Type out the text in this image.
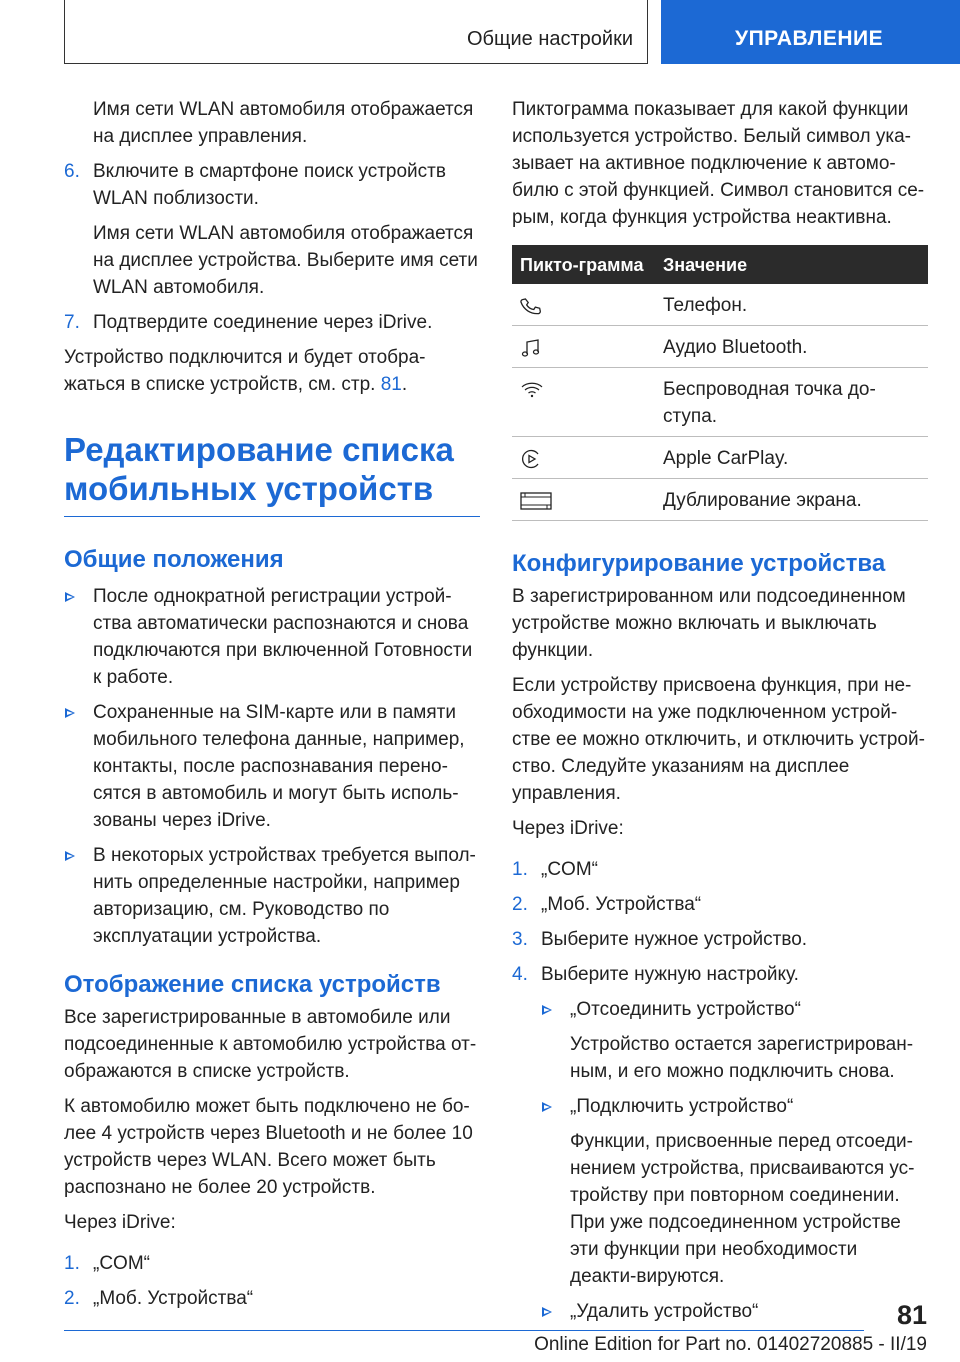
Общие настройки	УПРАВЛЕНИЕ

Имя сети WLAN автомобиля отображается на дисплее управления.

6. Включите в смартфоне поиск устройств WLAN поблизости.

Имя сети WLAN автомобиля отображается на дисплее устройства. Выберите имя сети WLAN автомобиля.

7. Подтвердите соединение через iDrive.

Устройство подключится и будет отобра-жаться в списке устройств, см. стр. 81.

Редактирование списка мобильных устройств
Общие положения
После однократной регистрации устрой-ства автоматически распознаются и снова подключаются при включенной Готовности к работе.
Сохраненные на SIM-карте или в памяти мобильного телефона данные, например, контакты, после распознавания перено-сятся в автомобиль и могут быть исполь-зованы через iDrive.
В некоторых устройствах требуется выпол-нить определенные настройки, например авторизацию, см. Руководство по эксплуатации устройства.
Отображение списка устройств

Все зарегистрированные в автомобиле или подсоединенные к автомобилю устройства от-ображаются в списке устройств.

К автомобилю может быть подключено не бо-лее 4 устройств через Bluetooth и не более 10 устройств через WLAN. Всего может быть распознано не более 20 устройств.

Через iDrive:

1. „COM“
2. „Моб. Устройства“

Пиктограмма показывает для какой функции используется устройство. Белый символ ука-зывает на активное подключение к автомо-билю с этой функцией. Символ становится се-рым, когда функция устройства неактивна.

Пикто-грамма	Значение

	Телефон.

	Аудио Bluetooth.

	Беспроводная точка до-ступа.

	Apple CarPlay.

	Дублирование экрана.
Конфигурирование устройства

В зарегистрированном или подсоединенном устройстве можно включать и выключать функции.

Если устройству присвоена функция, при не-обходимости на уже подключенном устрой-стве ее можно отключить, и отключить устрой-ство. Следуйте указаниям на дисплее управления.

Через iDrive:

1. „COM“
2. „Моб. Устройства“
3. Выберите нужное устройство.
4. Выберите нужную настройку.
„Отсоединить устройство“

Устройство остается зарегистрирован-ным, и его можно подключить снова.

„Подключить устройство“

Функции, присвоенные перед отсоеди-нением устройства, присваиваются ус-тройству при повторном соединении. При уже подсоединенном устройстве эти функции при необходимости деакти-вируются.

„Удалить устройство“	81
Online Edition for Part no. 01402720885 - II/19
